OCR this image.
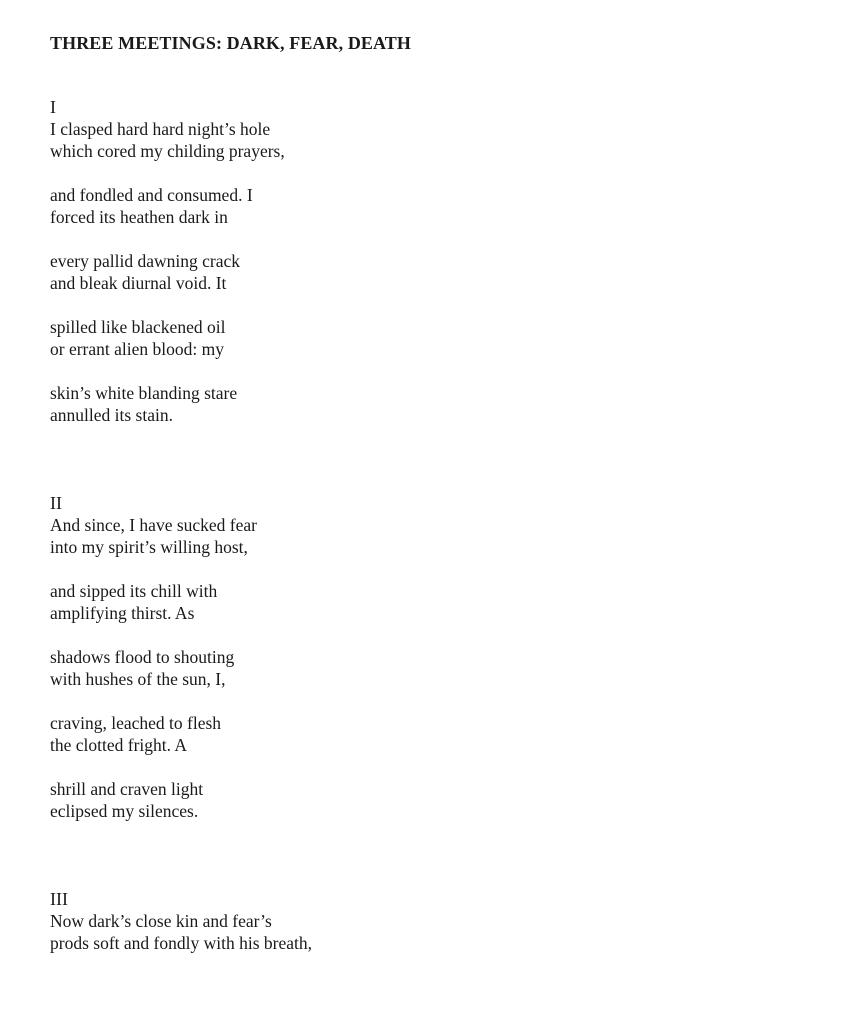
THREE MEETINGS: DARK, FEAR, DEATH

I

I clasped hard hard night’s hole
which cored my childing prayers,

and fondled and consumed. I
forced its heathen dark in

every pallid dawning crack
and bleak diurnal void. It

spilled like blackened oil
or errant alien blood: my

skin’s white blanding stare
annulled its stain.

II

And since, I have sucked fear
into my spirit’s willing host,

and sipped its chill with
amplifying thirst. As

shadows flood to shouting
with hushes of the sun, I,

craving, leached to flesh
the clotted fright. A

shrill and craven light
eclipsed my silences.

III

Now dark’s close kin and fear’s
prods soft and fondly with his breath,
